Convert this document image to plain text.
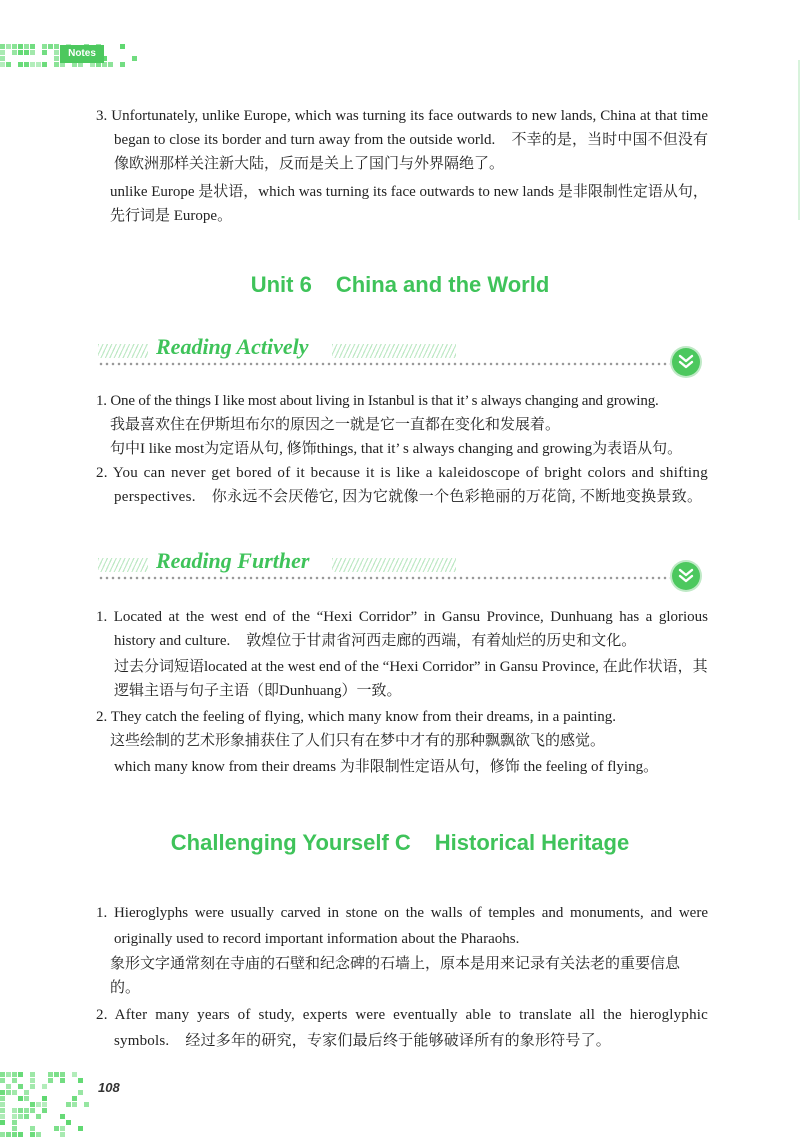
Notes

3. Unfortunately, unlike Europe, which was turning its face outwards to new lands, China at that time began to close its border and turn away from the outside world. 不幸的是，当时中国不但没有像欧洲那样关注新大陆，反而是关上了国门与外界隔绝了。

unlike Europe 是状语，which was turning its face outwards to new lands 是非限制性定语从句，先行词是 Europe。

Unit 6 China and the World
Reading Actively

1. One of the things I like most about living in Istanbul is that it’ s always changing and growing.

我最喜欢住在伊斯坦布尔的原因之一就是它一直都在变化和发展着。

句中I like most为定语从句, 修饰things, that it’ s always changing and growing为表语从句。

2. You can never get bored of it because it is like a kaleidoscope of bright colors and shifting perspectives. 你永远不会厌倦它, 因为它就像一个色彩艳丽的万花筒, 不断地变换景致。

Reading Further

1. Located at the west end of the “Hexi Corridor” in Gansu Province, Dunhuang has a glorious history and culture. 敦煌位于甘肃省河西走廊的西端，有着灿烂的历史和文化。

过去分词短语located at the west end of the “Hexi Corridor” in Gansu Province, 在此作状语，其逻辑主语与句子主语（即Dunhuang）一致。

2. They catch the feeling of flying, which many know from their dreams, in a painting.

这些绘制的艺术形象捕获住了人们只有在梦中才有的那种飘飘欲飞的感觉。

which many know from their dreams 为非限制性定语从句，修饰 the feeling of flying。

Challenging Yourself C Historical Heritage

1. Hieroglyphs were usually carved in stone on the walls of temples and monuments, and were originally used to record important information about the Pharaohs.

象形文字通常刻在寺庙的石壁和纪念碑的石墙上，原本是用来记录有关法老的重要信息的。

2. After many years of study, experts were eventually able to translate all the hieroglyphic symbols. 经过多年的研究，专家们最后终于能够破译所有的象形符号了。

108
